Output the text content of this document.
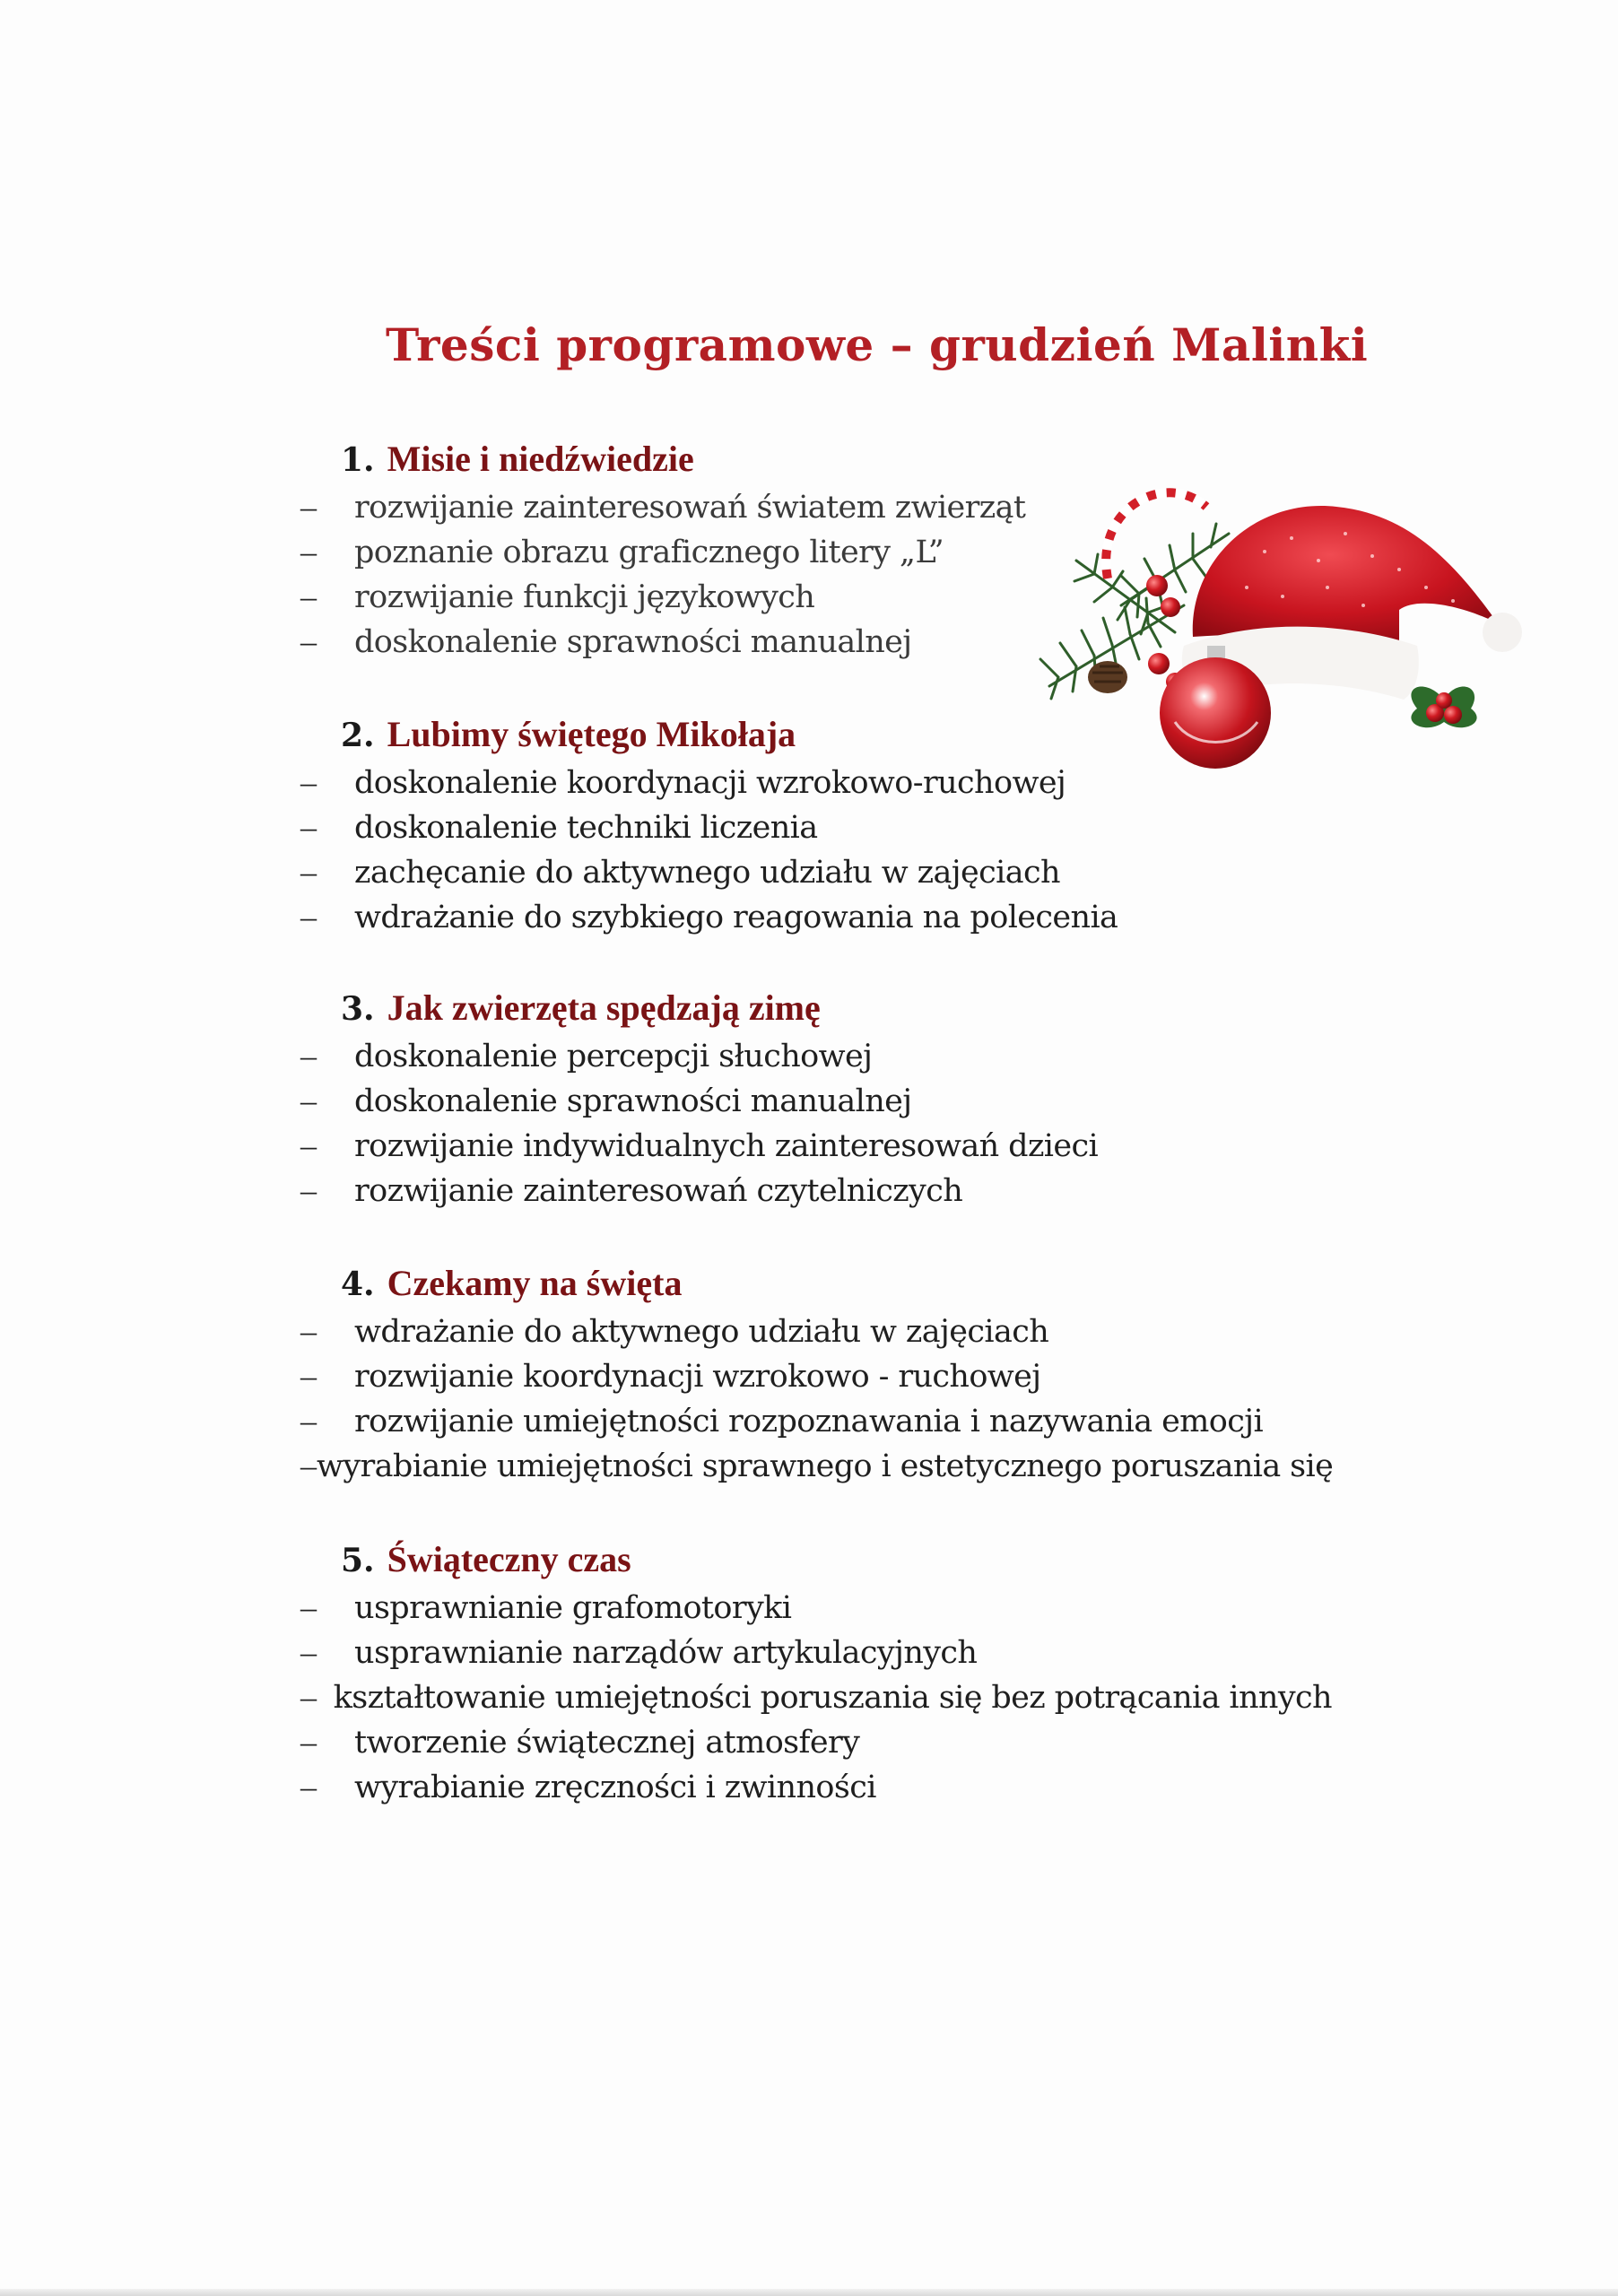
Treści programowe – grudzień Malinki
1. Misie i niedźwiedzie
–	rozwijanie zainteresowań światem zwierząt
–	poznanie obrazu graficznego litery „L”
–	rozwijanie funkcji językowych
–	doskonalenie sprawności manualnej
2. Lubimy świętego Mikołaja
–	doskonalenie koordynacji wzrokowo-ruchowej
–	doskonalenie techniki liczenia
–	zachęcanie do aktywnego udziału w zajęciach
–	wdrażanie do szybkiego reagowania na polecenia
3. Jak zwierzęta spędzają zimę
–	doskonalenie percepcji słuchowej
–	doskonalenie sprawności manualnej
–	rozwijanie indywidualnych zainteresowań dzieci
–	rozwijanie zainteresowań czytelniczych
4. Czekamy na święta
–	wdrażanie do aktywnego udziału w zajęciach
–	rozwijanie koordynacji wzrokowo - ruchowej
–	rozwijanie umiejętności rozpoznawania i nazywania emocji
– wyrabianie umiejętności sprawnego i estetycznego poruszania się
5. Świąteczny czas
–	usprawnianie grafomotoryki
–	usprawnianie narządów artykulacyjnych
– kształtowanie umiejętności poruszania się bez potrącania innych
–	tworzenie świątecznej atmosfery
–	wyrabianie zręczności i zwinności
